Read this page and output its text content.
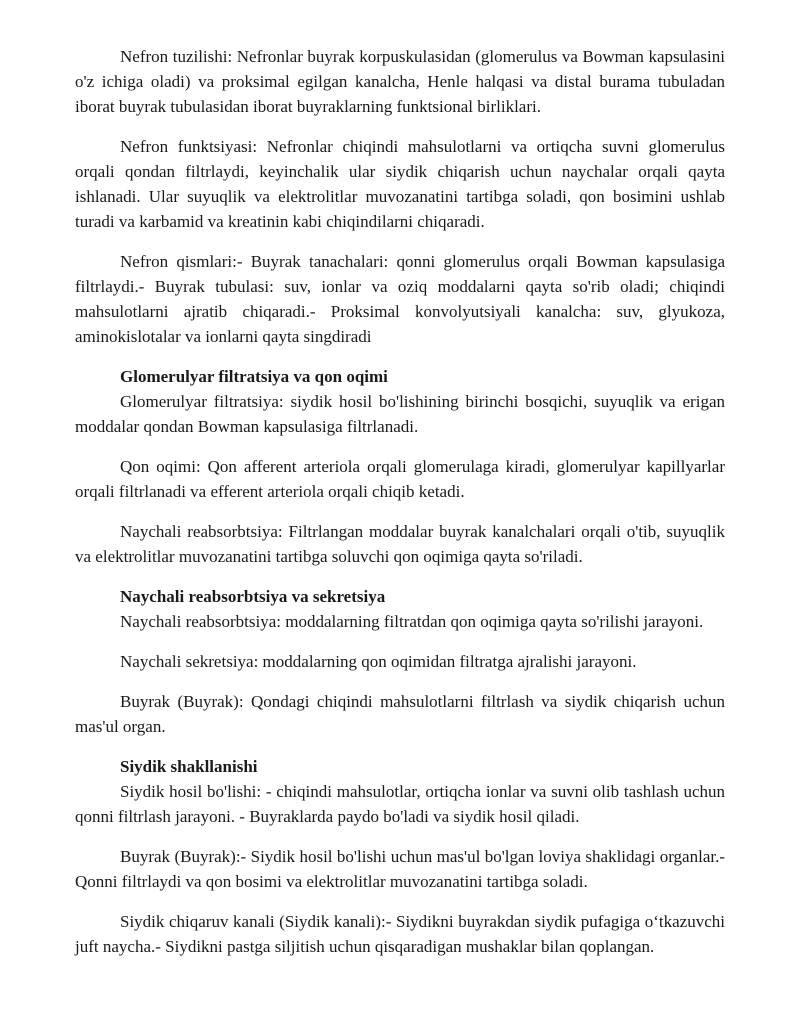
Nefron tuzilishi: Nefronlar buyrak korpuskulasidan (glomerulus va Bowman kapsulasini o'z ichiga oladi) va proksimal egilgan kanalcha, Henle halqasi va distal burama tubuladan iborat buyrak tubulasidan iborat buyraklarning funktsional birliklari.

Nefron funktsiyasi: Nefronlar chiqindi mahsulotlarni va ortiqcha suvni glomerulus orqali qondan filtrlaydi, keyinchalik ular siydik chiqarish uchun naychalar orqali qayta ishlanadi. Ular suyuqlik va elektrolitlar muvozanatini tartibga soladi, qon bosimini ushlab turadi va karbamid va kreatinin kabi chiqindilarni chiqaradi.

Nefron qismlari:- Buyrak tanachalari: qonni glomerulus orqali Bowman kapsulasiga filtrlaydi.- Buyrak tubulasi: suv, ionlar va oziq moddalarni qayta so'rib oladi; chiqindi mahsulotlarni ajratib chiqaradi.- Proksimal konvolyutsiyali kanalcha: suv, glyukoza, aminokislotalar va ionlarni qayta singdiradi

Glomerulyar filtratsiya va qon oqimi

Glomerulyar filtratsiya: siydik hosil bo'lishining birinchi bosqichi, suyuqlik va erigan moddalar qondan Bowman kapsulasiga filtrlanadi.

Qon oqimi: Qon afferent arteriola orqali glomerulaga kiradi, glomerulyar kapillyarlar orqali filtrlanadi va efferent arteriola orqali chiqib ketadi.

Naychali reabsorbtsiya: Filtrlangan moddalar buyrak kanalchalari orqali o'tib, suyuqlik va elektrolitlar muvozanatini tartibga soluvchi qon oqimiga qayta so'riladi.

Naychali reabsorbtsiya va sekretsiya

Naychali reabsorbtsiya: moddalarning filtratdan qon oqimiga qayta so'rilishi jarayoni.

Naychali sekretsiya: moddalarning qon oqimidan filtratga ajralishi jarayoni.

Buyrak (Buyrak): Qondagi chiqindi mahsulotlarni filtrlash va siydik chiqarish uchun mas'ul organ.

Siydik shakllanishi

Siydik hosil bo'lishi: - chiqindi mahsulotlar, ortiqcha ionlar va suvni olib tashlash uchun qonni filtrlash jarayoni. - Buyraklarda paydo bo'ladi va siydik hosil qiladi.

Buyrak (Buyrak):- Siydik hosil bo'lishi uchun mas'ul bo'lgan loviya shaklidagi organlar.- Qonni filtrlaydi va qon bosimi va elektrolitlar muvozanatini tartibga soladi.

Siydik chiqaruv kanali (Siydik kanali):- Siydikni buyrakdan siydik pufagiga o‘tkazuvchi juft naycha.- Siydikni pastga siljitish uchun qisqaradigan mushaklar bilan qoplangan.
